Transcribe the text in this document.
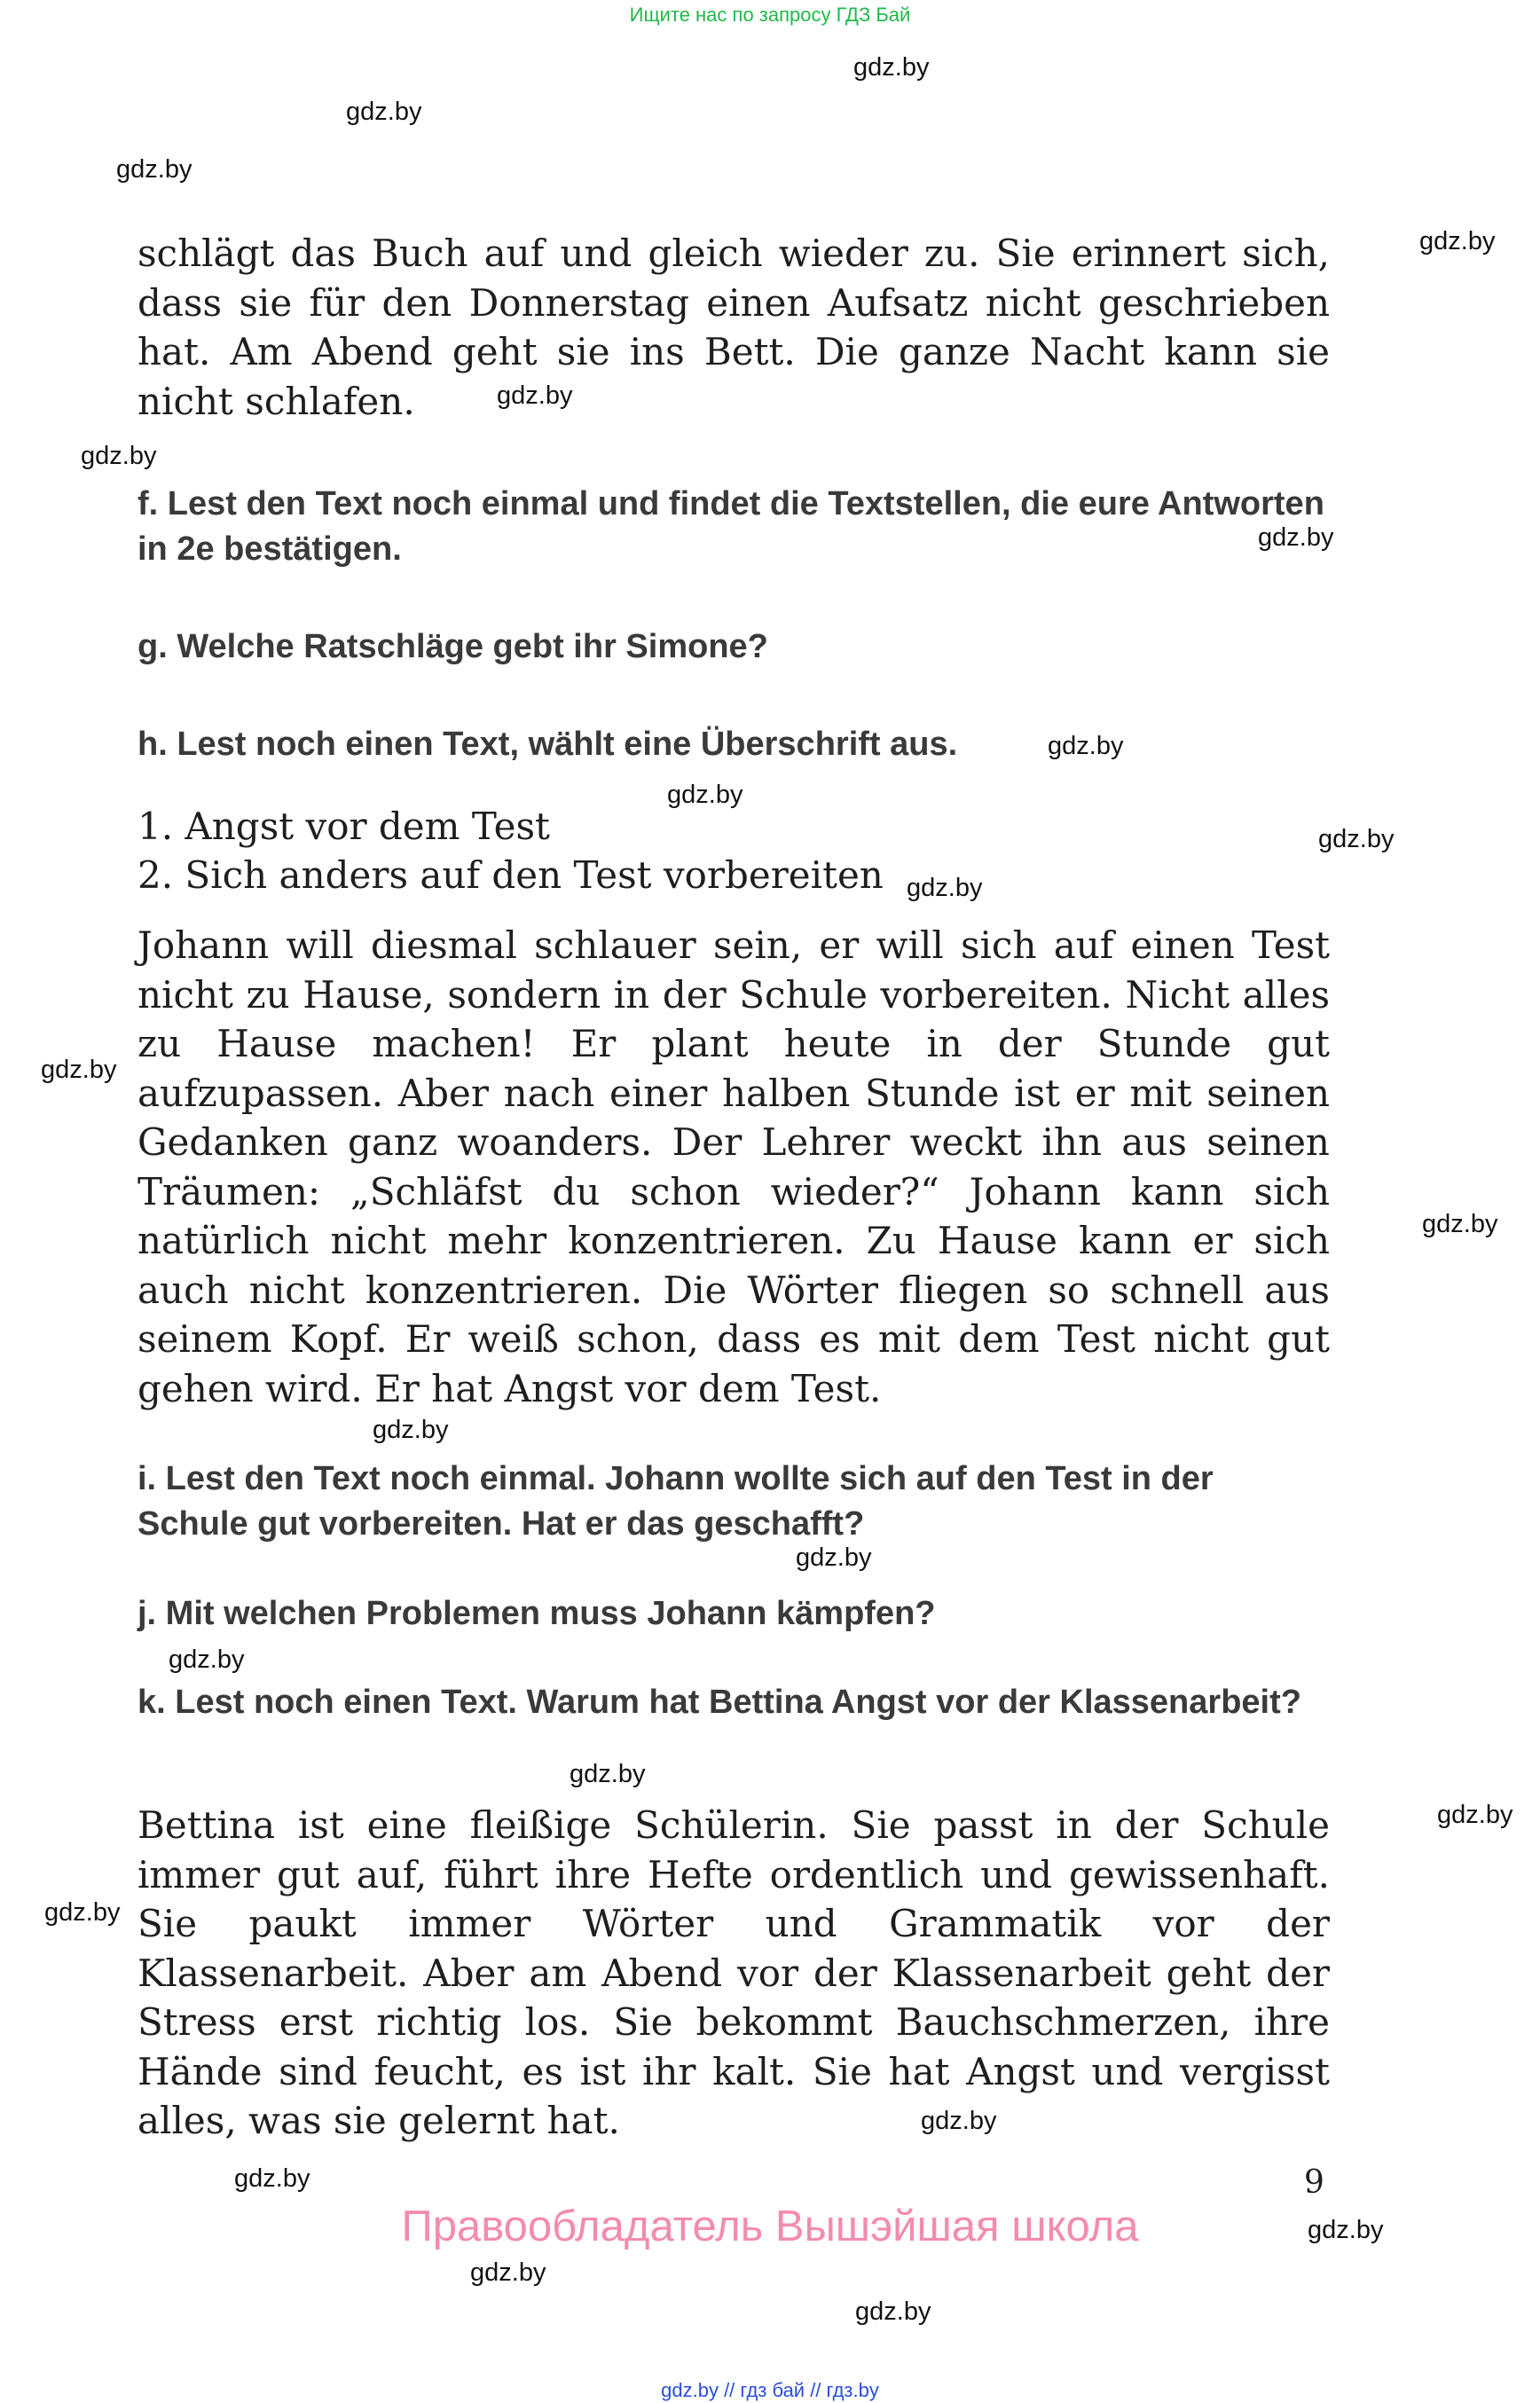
Ищите нас по запросу ГДЗ Бай
gdz.by
gdz.by
gdz.by
gdz.by
gdz.by
gdz.by
gdz.by
gdz.by
gdz.by
gdz.by
gdz.by
gdz.by
gdz.by
gdz.by
gdz.by
gdz.by
gdz.by
gdz.by
gdz.by
gdz.by
gdz.by
gdz.by
gdz.by
gdz.by
schlägt das Buch auf und gleich wieder zu. Sie erinnert sich, dass sie für den Donnerstag einen Aufsatz nicht geschrieben hat. Am Abend geht sie ins Bett. Die ganze Nacht kann sie nicht schlafen.
f. Lest den Text noch einmal und findet die Textstellen, die eure Antworten in 2e bestätigen.
g. Welche Ratschläge gebt ihr Simone?
h. Lest noch einen Text, wählt eine Überschrift aus.
1. Angst vor dem Test
2. Sich anders auf den Test vorbereiten
Johann will diesmal schlauer sein, er will sich auf einen Test nicht zu Hause, sondern in der Schule vorbereiten. Nicht alles zu Hause machen! Er plant heute in der Stunde gut aufzupassen. Aber nach einer halben Stunde ist er mit seinen Gedanken ganz woanders. Der Lehrer weckt ihn aus seinen Träumen: „Schläfst du schon wieder?“ Johann kann sich natürlich nicht mehr konzentrieren. Zu Hause kann er sich auch nicht konzentrieren. Die Wörter fliegen so schnell aus seinem Kopf. Er weiß schon, dass es mit dem Test nicht gut gehen wird. Er hat Angst vor dem Test.
i. Lest den Text noch einmal. Johann wollte sich auf den Test in der Schule gut vorbereiten. Hat er das geschafft?
j. Mit welchen Problemen muss Johann kämpfen?
k. Lest noch einen Text. Warum hat Bettina Angst vor der Klassenarbeit?
Bettina ist eine fleißige Schülerin. Sie passt in der Schule immer gut auf, führt ihre Hefte ordentlich und gewissenhaft. Sie paukt immer Wörter und Grammatik vor der Klassenarbeit. Aber am Abend vor der Klassenarbeit geht der Stress erst richtig los. Sie bekommt Bauchschmerzen, ihre Hände sind feucht, es ist ihr kalt. Sie hat Angst und vergisst alles, was sie gelernt hat.
9
Правообладатель Вышэйшая школа
gdz.by // гдз бай // гдз.by
